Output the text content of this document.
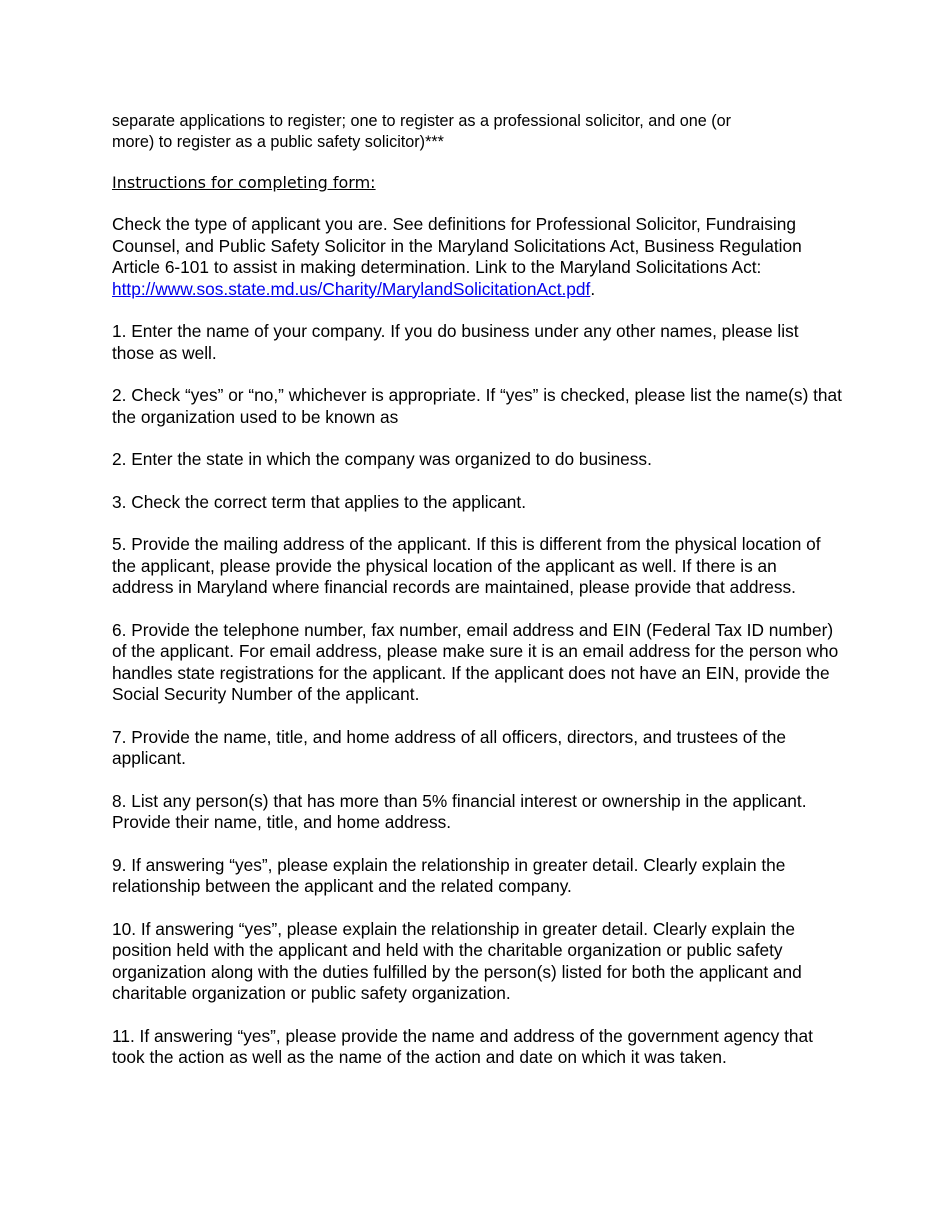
separate applications to register; one to register as a professional solicitor, and one (or
more) to register as a public safety solicitor)***

Instructions for completing form:

Check the type of applicant you are. See definitions for Professional Solicitor, Fundraising Counsel, and Public Safety Solicitor in the Maryland Solicitations Act, Business Regulation Article 6-101 to assist in making determination. Link to the Maryland Solicitations Act:
http://www.sos.state.md.us/Charity/MarylandSolicitationAct.pdf.

1. Enter the name of your company. If you do business under any other names, please list those as well.

2. Check “yes” or “no,” whichever is appropriate. If “yes” is checked, please list the name(s) that the organization used to be known as

2. Enter the state in which the company was organized to do business.

3. Check the correct term that applies to the applicant.

5. Provide the mailing address of the applicant. If this is different from the physical location of the applicant, please provide the physical location of the applicant as well. If there is an address in Maryland where financial records are maintained, please provide that address.

6. Provide the telephone number, fax number, email address and EIN (Federal Tax ID number) of the applicant. For email address, please make sure it is an email address for the person who handles state registrations for the applicant. If the applicant does not have an EIN, provide the Social Security Number of the applicant.

7. Provide the name, title, and home address of all officers, directors, and trustees of the applicant.

8. List any person(s) that has more than 5% financial interest or ownership in the applicant. Provide their name, title, and home address.

9. If answering “yes”, please explain the relationship in greater detail. Clearly explain the relationship between the applicant and the related company.

10. If answering “yes”, please explain the relationship in greater detail. Clearly explain the position held with the applicant and held with the charitable organization or public safety organization along with the duties fulfilled by the person(s) listed for both the applicant and charitable organization or public safety organization.

11. If answering “yes”, please provide the name and address of the government agency that took the action as well as the name of the action and date on which it was taken.
